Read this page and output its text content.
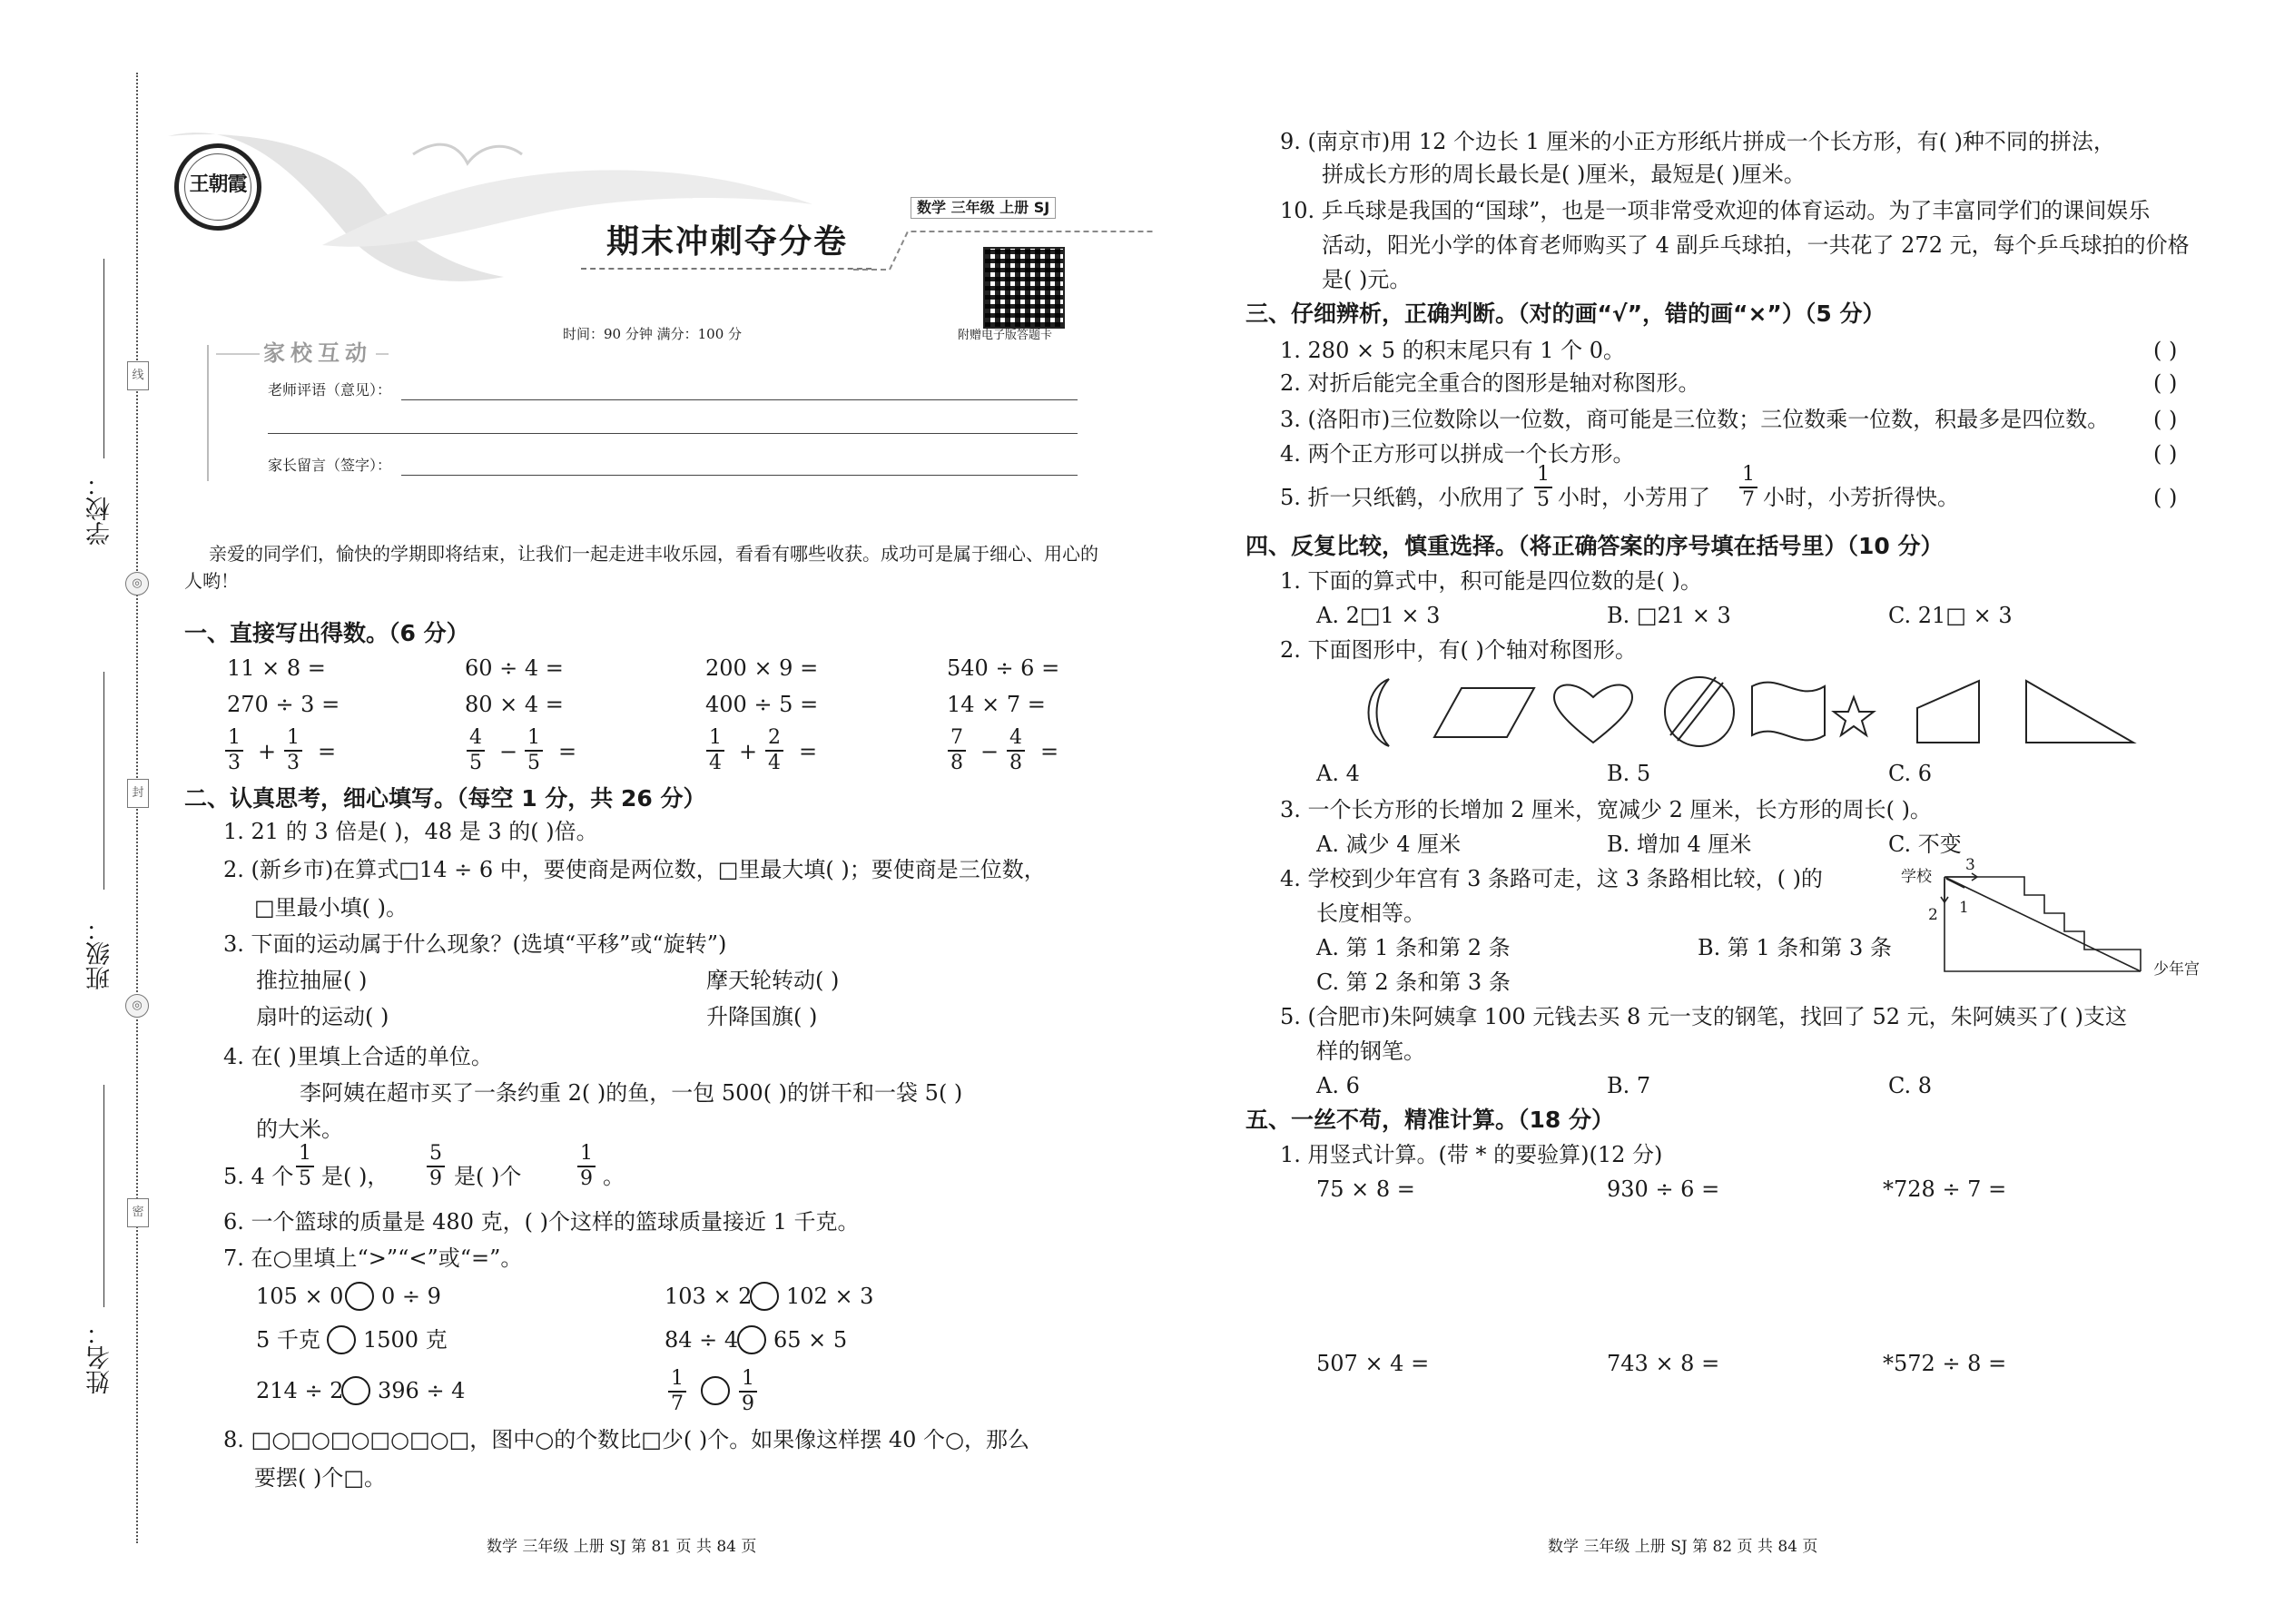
线
◎
封
◎
密
学校：
班级：
姓名：
王朝霞
期末冲刺夺分卷
数学 三年级 上册 SJ
附赠电子版答题卡
时间：90 分钟 满分：100 分
家校互动
老师评语（意见）：
家长留言（签字）：
亲爱的同学们，愉快的学期即将结束，让我们一起走进丰收乐园，看看有哪些收获。成功可是属于细心、用心的
人哟！
一、直接写出得数。（6 分）
11 × 8 =	60 ÷ 4 =	200 × 9 =	540 ÷ 6 =
270 ÷ 3 =	80 × 4 =	400 ÷ 5 =	14 × 7 =
$\frac{1}{3} + \frac{1}{3}$ =	$\frac{4}{5} - \frac{1}{5}$ =	$\frac{1}{4} + \frac{2}{4}$ =	$\frac{7}{8} - \frac{4}{8}$ =
二、认真思考，细心填写。（每空 1 分，共 26 分）
1. 21 的 3 倍是( )，48 是 3 的( )倍。
2. (新乡市)在算式□14 ÷ 6 中，要使商是两位数，□里最大填( )；要使商是三位数，
□里最小填( )。
3. 下面的运动属于什么现象？(选填“平移”或“旋转”)
推拉抽屉( )	摩天轮转动( )
扇叶的运动( )	升降国旗( )
4. 在( )里填上合适的单位。
李阿姨在超市买了一条约重 2( )的鱼，一包 500( )的饼干和一袋 5( )
的大米。
5. 4 个 $\frac{1}{5}$ 是( )， $\frac{5}{9}$ 是( )个	$\frac{1}{9}$ 。
6. 一个篮球的质量是 480 克，( )个这样的篮球质量接近 1 千克。
7. 在○里填上“>”“<”或“=”。
105 × 0 0 ÷ 9	103 × 2 102 × 3
5 千克 1500 克	84 ÷ 4 65 × 5
214 ÷ 2 396 ÷ 4	$\frac{1}{7}$	$\frac{1}{9}$
8. □○□○□○□○□○□，图中○的个数比□少( )个。如果像这样摆 40 个○，那么
要摆( )个□。
9. (南京市)用 12 个边长 1 厘米的小正方形纸片拼成一个长方形，有( )种不同的拼法，
拼成长方形的周长最长是( )厘米，最短是( )厘米。
10. 乒乓球是我国的“国球”，也是一项非常受欢迎的体育运动。为了丰富同学们的课间娱乐
活动，阳光小学的体育老师购买了 4 副乒乓球拍，一共花了 272 元，每个乒乓球拍的价格
是( )元。
三、仔细辨析，正确判断。（对的画“√”，错的画“×”）（5 分）
1. 280 × 5 的积末尾只有 1 个 0。	( )
2. 对折后能完全重合的图形是轴对称图形。	( )
3. (洛阳市)三位数除以一位数，商可能是三位数；三位数乘一位数，积最多是四位数。 ( )
4. 两个正方形可以拼成一个长方形。	( )
5. 折一只纸鹤，小欣用了 $\frac{1}{5}$ 小时，小芳用了 $\frac{1}{7}$ 小时，小芳折得快。	( )
四、反复比较，慎重选择。（将正确答案的序号填在括号里）（10 分）
1. 下面的算式中，积可能是四位数的是( )。
A. 2□1 × 3	B. □21 × 3	C. 21□ × 3
2. 下面图形中，有( )个轴对称图形。
A. 4	B. 5	C. 6
3. 一个长方形的长增加 2 厘米，宽减少 2 厘米，长方形的周长( )。
A. 减少 4 厘米	B. 增加 4 厘米	C. 不变
4. 学校到少年宫有 3 条路可走，这 3 条路相比较，( )的
长度相等。
A. 第 1 条和第 2 条	B. 第 1 条和第 3 条
C. 第 2 条和第 3 条
学校
3
2 1
少年宫
5. (合肥市)朱阿姨拿 100 元钱去买 8 元一支的钢笔，找回了 52 元，朱阿姨买了( )支这
样的钢笔。
A. 6	B. 7	C. 8
五、一丝不苟，精准计算。（18 分）
1. 用竖式计算。(带 * 的要验算)(12 分)
75 × 8 =	930 ÷ 6 =	*728 ÷ 7 =
507 × 4 =	743 × 8 =	*572 ÷ 8 =
数学 三年级 上册 SJ 第 81 页 共 84 页	数学 三年级 上册 SJ 第 82 页 共 84 页
